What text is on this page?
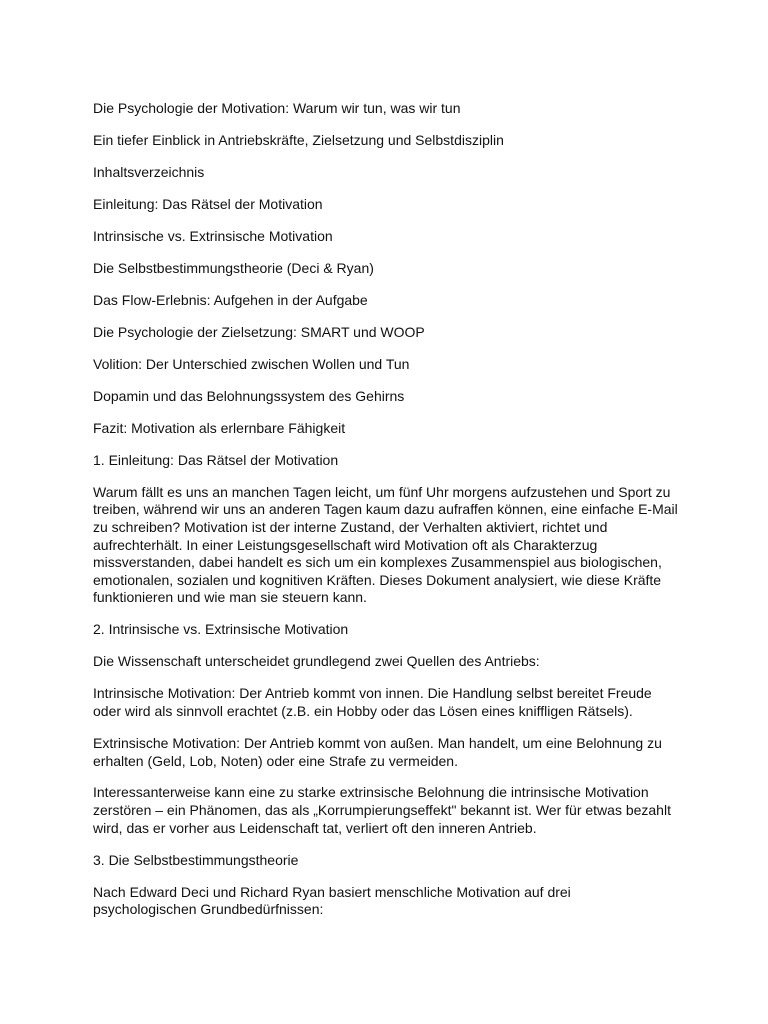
Die Psychologie der Motivation: Warum wir tun, was wir tun

Ein tiefer Einblick in Antriebskräfte, Zielsetzung und Selbstdisziplin

Inhaltsverzeichnis

Einleitung: Das Rätsel der Motivation

Intrinsische vs. Extrinsische Motivation

Die Selbstbestimmungstheorie (Deci & Ryan)

Das Flow-Erlebnis: Aufgehen in der Aufgabe

Die Psychologie der Zielsetzung: SMART und WOOP

Volition: Der Unterschied zwischen Wollen und Tun

Dopamin und das Belohnungssystem des Gehirns

Fazit: Motivation als erlernbare Fähigkeit

1. Einleitung: Das Rätsel der Motivation

Warum fällt es uns an manchen Tagen leicht, um fünf Uhr morgens aufzustehen und Sport zu treiben, während wir uns an anderen Tagen kaum dazu aufraffen können, eine einfache E-Mail zu schreiben? Motivation ist der interne Zustand, der Verhalten aktiviert, richtet und aufrechterhält. In einer Leistungsgesellschaft wird Motivation oft als Charakterzug missverstanden, dabei handelt es sich um ein komplexes Zusammenspiel aus biologischen, emotionalen, sozialen und kognitiven Kräften. Dieses Dokument analysiert, wie diese Kräfte funktionieren und wie man sie steuern kann.

2. Intrinsische vs. Extrinsische Motivation

Die Wissenschaft unterscheidet grundlegend zwei Quellen des Antriebs:

Intrinsische Motivation: Der Antrieb kommt von innen. Die Handlung selbst bereitet Freude oder wird als sinnvoll erachtet (z.B. ein Hobby oder das Lösen eines kniffligen Rätsels).

Extrinsische Motivation: Der Antrieb kommt von außen. Man handelt, um eine Belohnung zu erhalten (Geld, Lob, Noten) oder eine Strafe zu vermeiden.

Interessanterweise kann eine zu starke extrinsische Belohnung die intrinsische Motivation zerstören – ein Phänomen, das als „Korrumpierungseffekt" bekannt ist. Wer für etwas bezahlt wird, das er vorher aus Leidenschaft tat, verliert oft den inneren Antrieb.

3. Die Selbstbestimmungstheorie

Nach Edward Deci und Richard Ryan basiert menschliche Motivation auf drei psychologischen Grundbedürfnissen:
